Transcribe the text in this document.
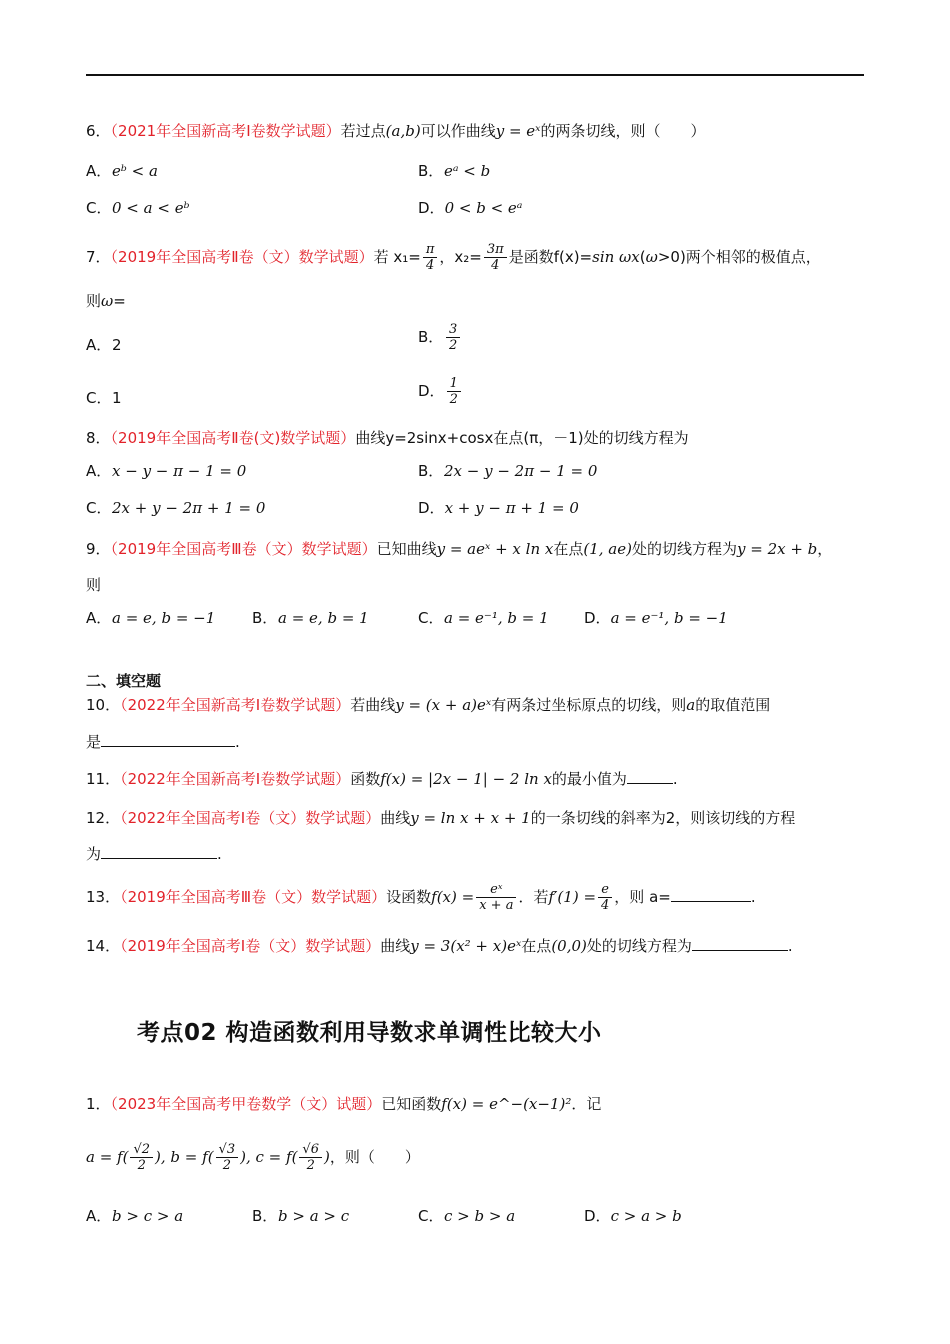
6．（2021年全国新高考Ⅰ卷数学试题）若过点(a,b)可以作曲线y = eˣ的两条切线，则（　　）
A．eᵇ < a	B．eᵃ < b
C．0 < a < eᵇ	D．0 < b < eᵃ
7．（2019年全国高考Ⅱ卷（文）数学试题）若 $x_1= \frac{\pi}{4}$ ，$x_2= \frac{3\pi}{4}$ 是函数f(x)=sin ωx(ω>0)两个相邻的极值点，
则ω=
A．2	B． $\frac{3}{2}$
C．1	D． $\frac{1}{2}$
8．（2019年全国高考Ⅱ卷(文)数学试题）曲线y=2sinx+cosx在点(π，－1)处的切线方程为
A．x − y − π − 1 = 0	B．2x − y − 2π − 1 = 0
C．2x + y − 2π + 1 = 0	D．x + y − π + 1 = 0
9．（2019年全国高考Ⅲ卷（文）数学试题）已知曲线y = aeˣ + x ln x在点(1, ae)处的切线方程为y = 2x + b，
则
A．a = e, b = −1 B．a = e, b = 1	C．a = e⁻¹, b = 1 D．a = e⁻¹, b = −1
二、填空题
10．（2022年全国新高考Ⅰ卷数学试题）若曲线y = (x + a)eˣ有两条过坐标原点的切线，则a的取值范围
是	.
11．（2022年全国新高考Ⅰ卷数学试题）函数f(x) = |2x − 1| − 2 ln x的最小值为	.
12．（2022年全国高考Ⅰ卷（文）数学试题）曲线y = ln x + x + 1的一条切线的斜率为2，则该切线的方程
为	.
13．（2019年全国高考Ⅲ卷（文）数学试题）设函数$f(x) = \frac{\text{eˣ}}{x + a}$ ．若$f'(1) = \frac{e}{4}$ ，则 a=	.
14．（2019年全国高考Ⅰ卷（文）数学试题）曲线y = 3(x² + x)eˣ在点(0,0)处的切线方程为	.
考点02 构造函数利用导数求单调性比较大小
1．（2023年全国高考甲卷数学（文）试题）已知函数f(x) = e^−(x−1)²．记
$a = f( \frac{√2}{2}$ ), $b = f( \frac{√3}{2}$ ), $c = f( \frac{√6}{2}$ )，则（　　）
A．b > c > a	B．b > a > c	C．c > b > a	D．c > a > b
